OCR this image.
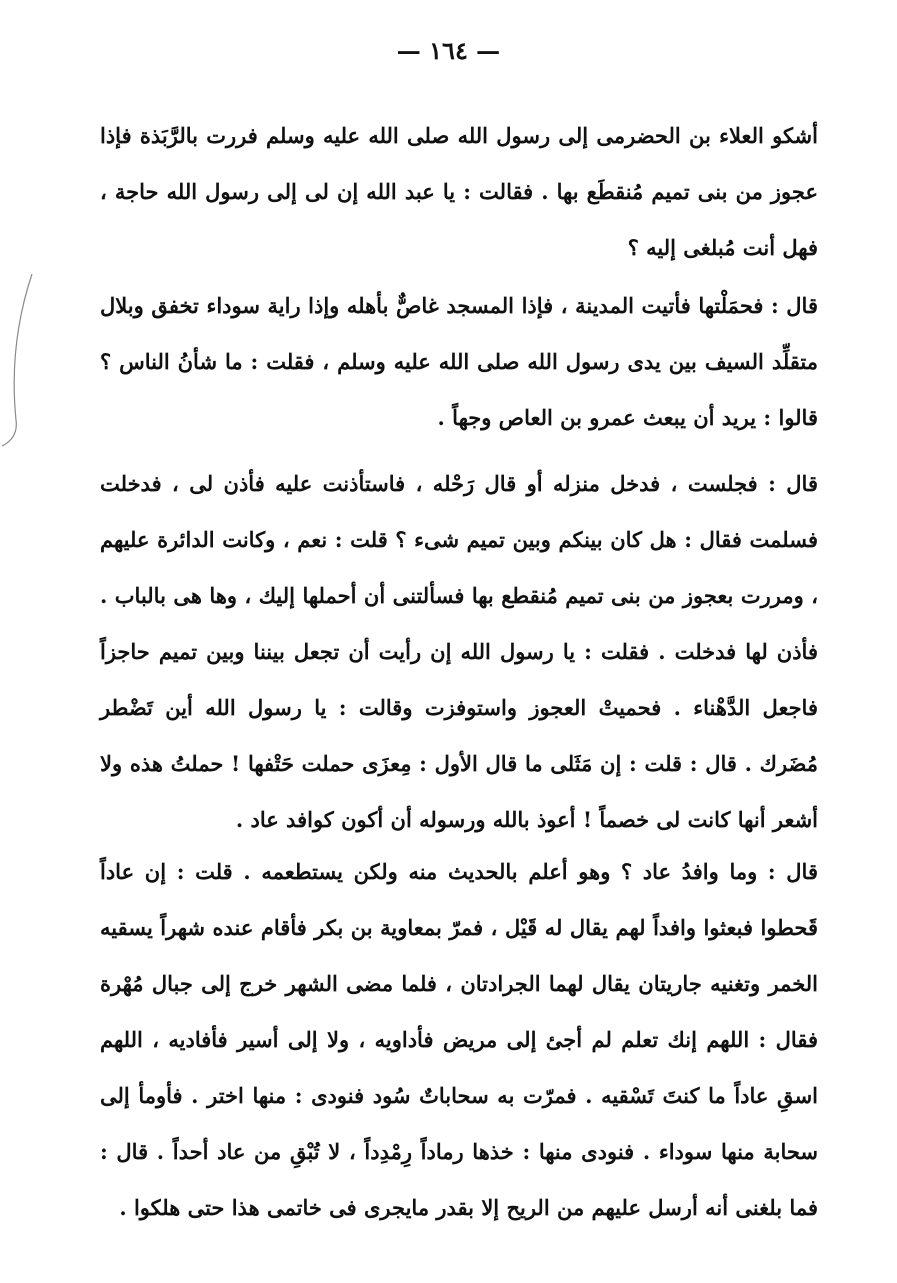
— ١٦٤ —

أشكو العلاء بن الحضرمى إلى رسول الله صلى الله عليه وسلم فررت بالرَّبَذة فإذا عجوز من بنى تميم مُنقطَع بها . فقالت : يا عبد الله إن لى إلى رسول الله حاجة ، فهل أنت مُبلغى إليه ؟

قال : فحمَلْتها فأتيت المدينة ، فإذا المسجد غاصٌّ بأهله وإذا راية سوداء تخفق وبلال متقلِّد السيف بين يدى رسول الله صلى الله عليه وسلم ، فقلت : ما شأنُ الناس ؟ قالوا : يريد أن يبعث عمرو بن العاص وجهاً .

قال : فجلست ، فدخل منزله أو قال رَحْله ، فاستأذنت عليه فأذن لى ، فدخلت فسلمت فقال : هل كان بينكم وبين تميم شىء ؟ قلت : نعم ، وكانت الدائرة عليهم ، ومررت بعجوز من بنى تميم مُنقطع بها فسألتنى أن أحملها إليك ، وها هى بالباب . فأذن لها فدخلت . فقلت : يا رسول الله إن رأيت أن تجعل بيننا وبين تميم حاجزاً فاجعل الدَّهْناء . فحميتْ العجوز واستوفزت وقالت : يا رسول الله أين تَضْطر مُضَرك . قال : قلت : إن مَثَلى ما قال الأول : مِعزَى حملت حَتْفها ! حملتُ هذه ولا أشعر أنها كانت لى خصماً ! أعوذ بالله ورسوله أن أكون كوافد عاد .

قال : وما وافدُ عاد ؟ وهو أعلم بالحديث منه ولكن يستطعمه . قلت : إن عاداً قَحطوا فبعثوا وافداً لهم يقال له قَيْل ، فمرّ بمعاوية بن بكر فأقام عنده شهراً يسقيه الخمر وتغنيه جاريتان يقال لهما الجرادتان ، فلما مضى الشهر خرج إلى جبال مُهْرة فقال : اللهم إنك تعلم لم أجئ إلى مريض فأداويه ، ولا إلى أسير فأفاديه ، اللهم اسقِ عاداً ما كنتَ تَسْقيه . فمرّت به سحاباتٌ سُود فنودى : منها اختر . فأومأ إلى سحابة منها سوداء . فنودى منها : خذها رماداً رِمْدِداً ، لا تُبْقِ من عاد أحداً . قال : فما بلغنى أنه أرسل عليهم من الريح إلا بقدر مايجرى فى خاتمى هذا حتى هلكوا .
